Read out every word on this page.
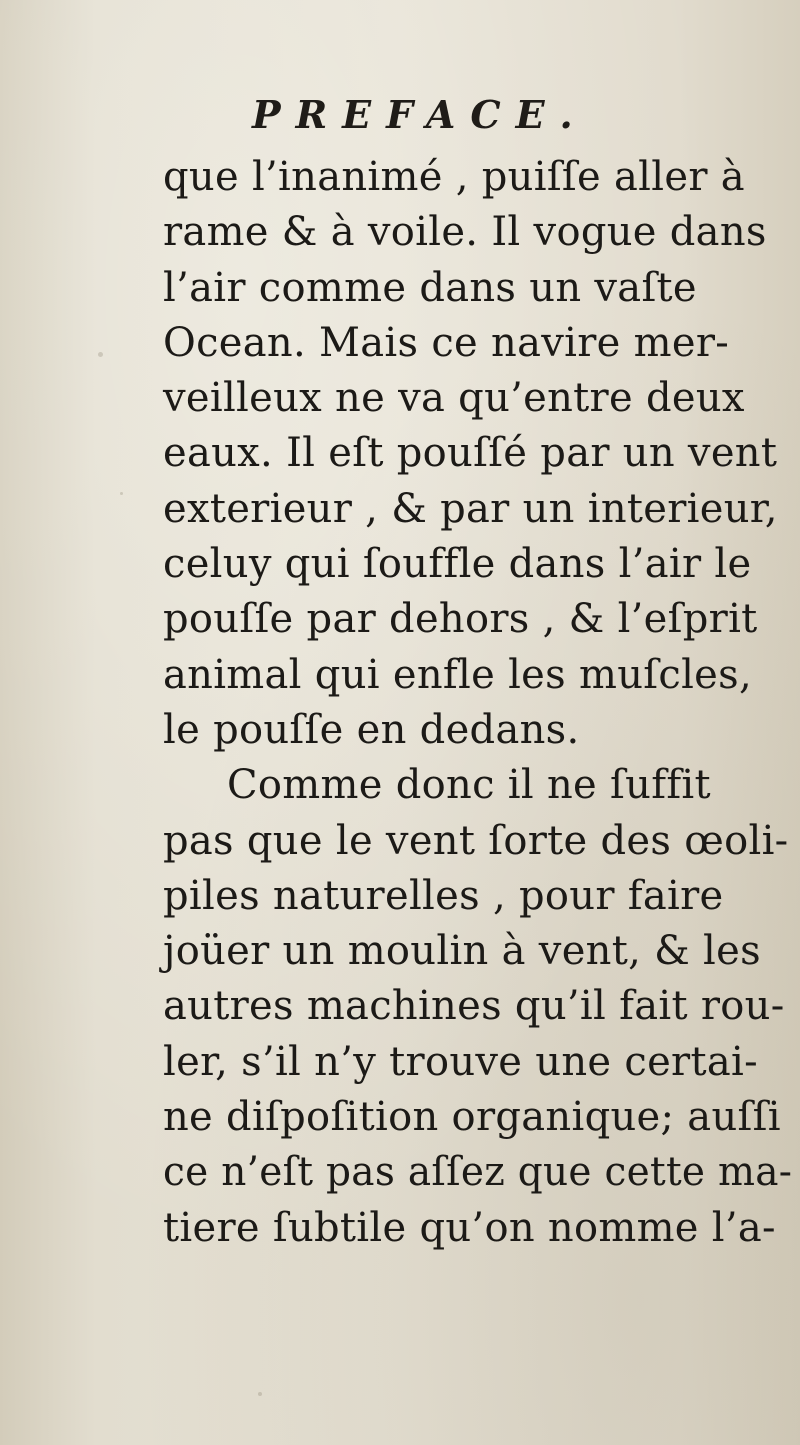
PREFACE.
que l’inanimé , puiſſe aller à
rame & à voile. Il vogue dans
l’air comme dans un vaſte
Ocean. Mais ce navire mer-
veilleux ne va qu’entre deux
eaux. Il eſt pouſſé par un vent
exterieur , & par un interieur,
celuy qui ſouffle dans l’air le
pouſſe par dehors , & l’eſprit
animal qui enfle les muſcles,
le pouſſe en dedans.
Comme donc il ne ſuffit
pas que le vent ſorte des œoli-
piles naturelles , pour faire
joüer un moulin à vent, & les
autres machines qu’il fait rou-
ler, s’il n’y trouve une certai-
ne diſpoſition organique; auſſi
ce n’eſt pas aſſez que cette ma-
tiere ſubtile qu’on nomme l’a-
